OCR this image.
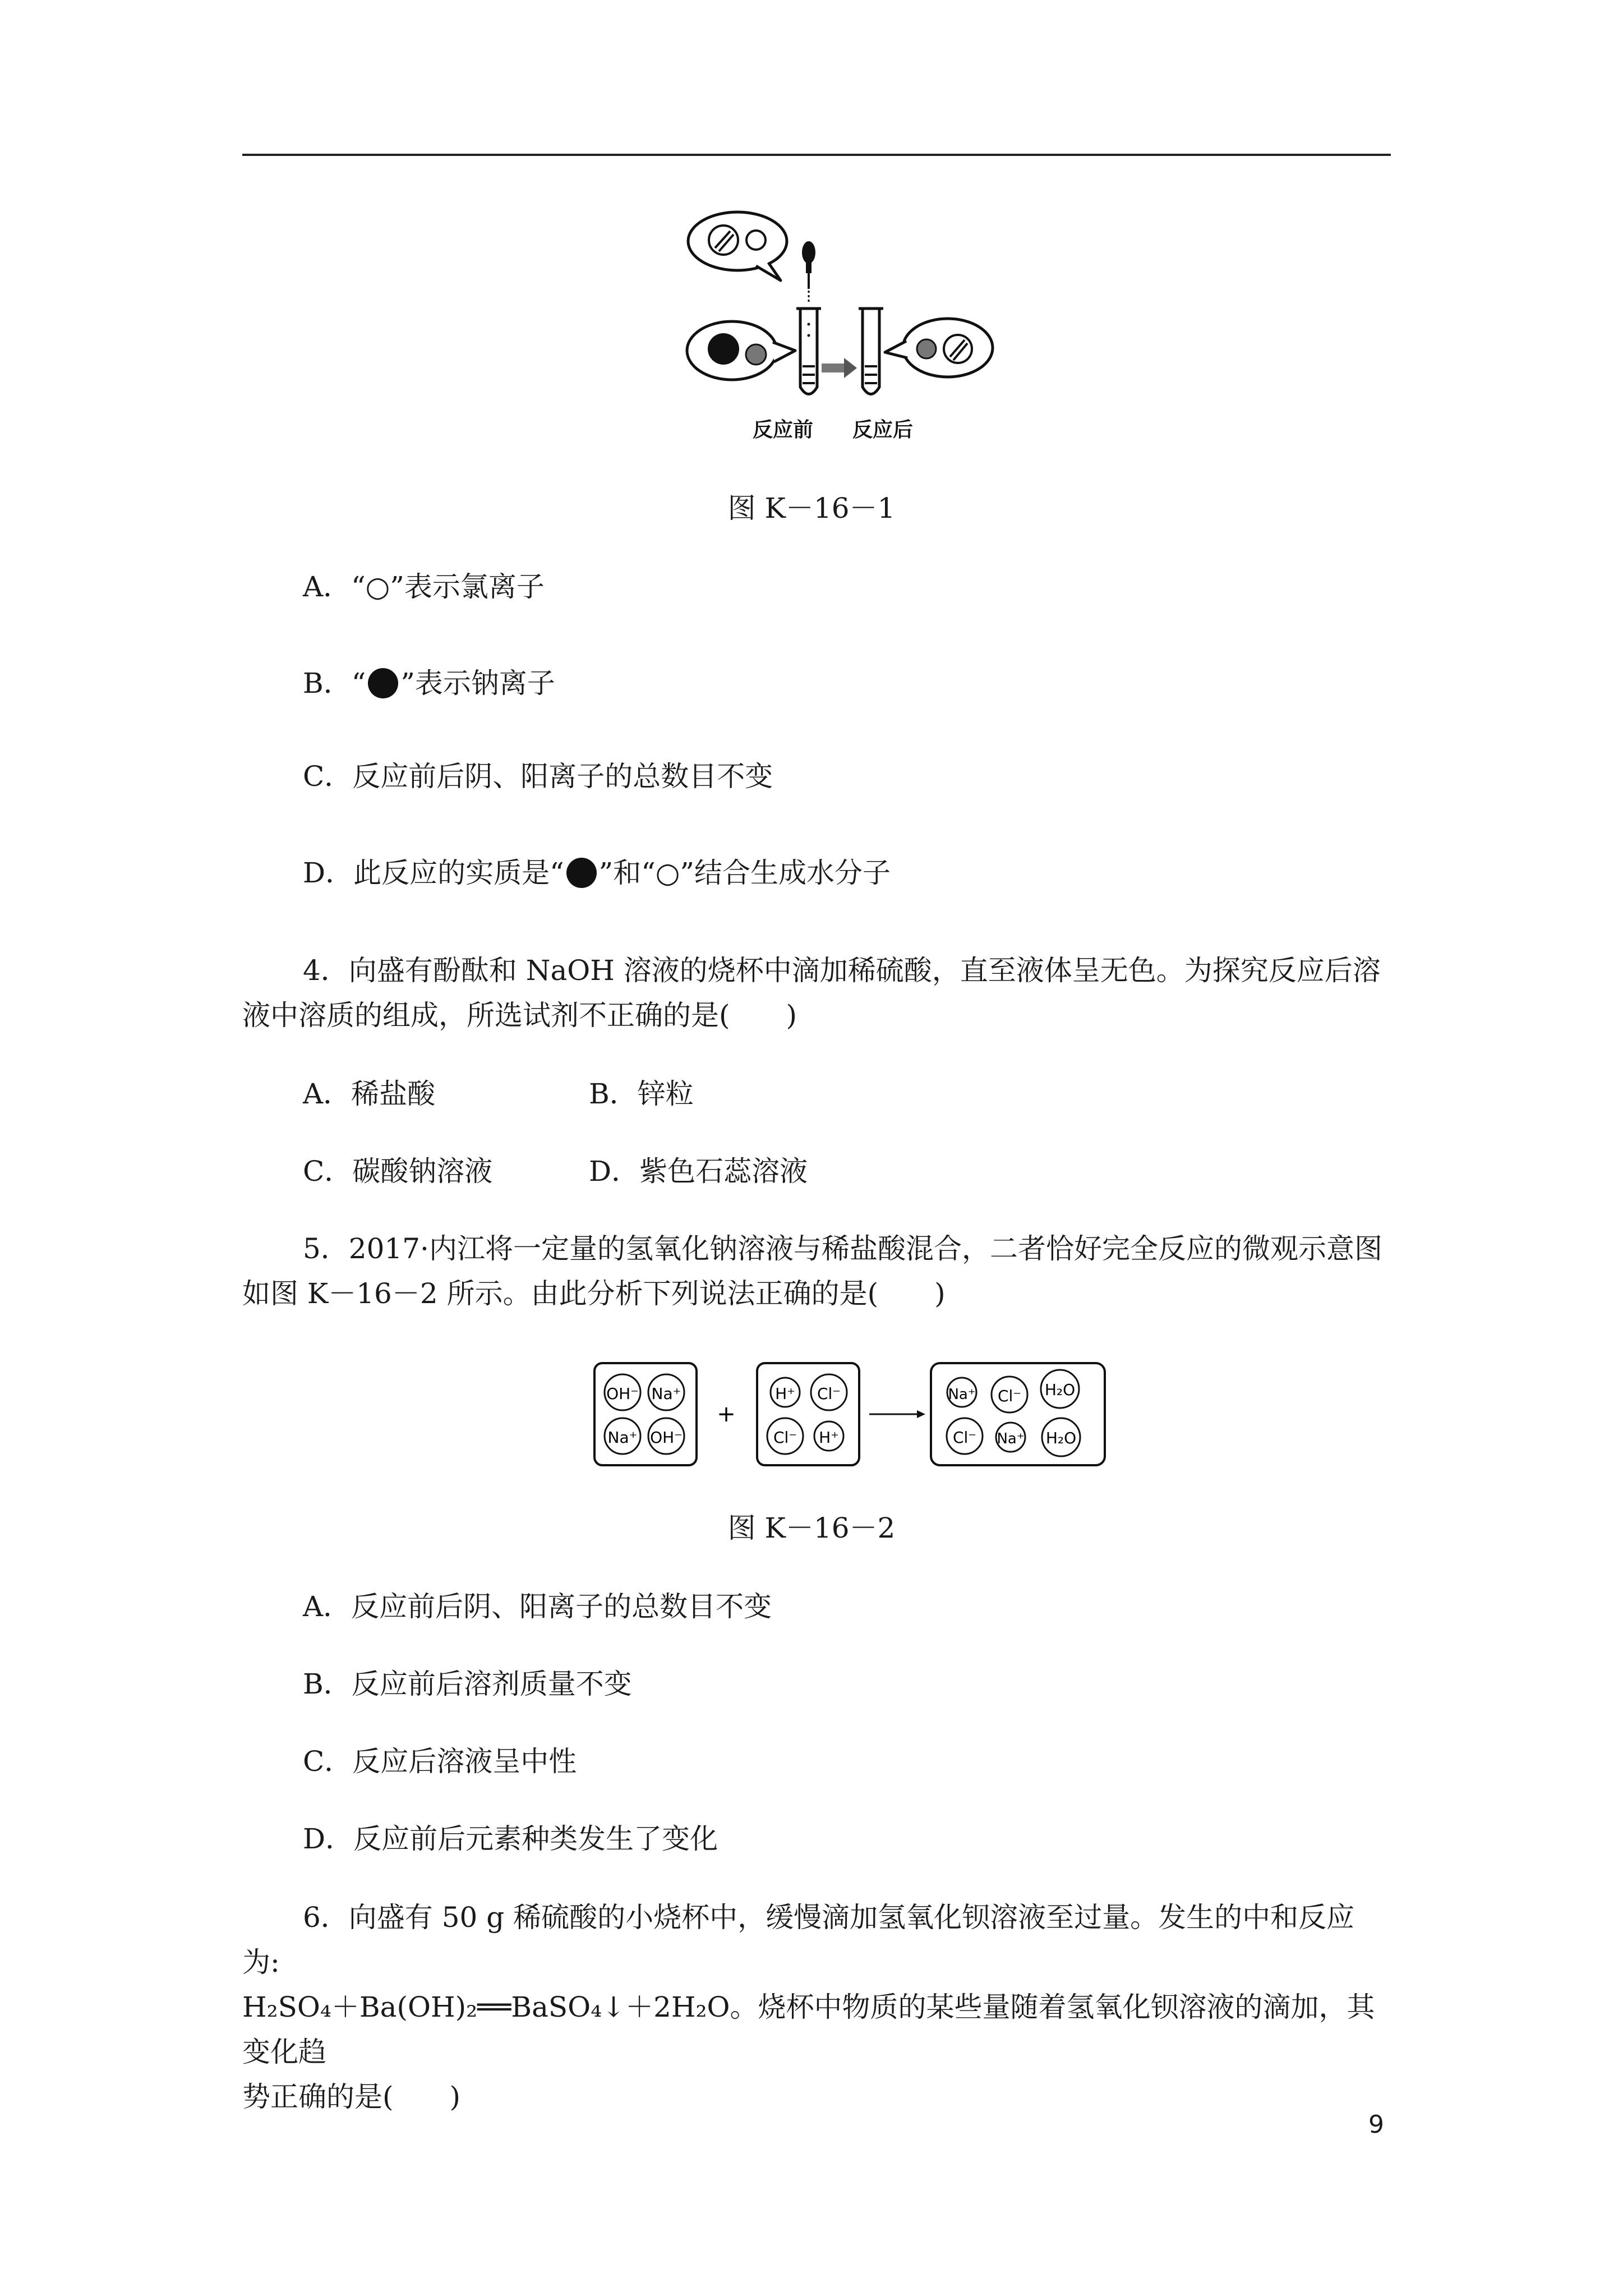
反应前 反应后
图 K－16－1
A．“○”表示氯离子
B．“ ”表示钠离子
C．反应前后阴、阳离子的总数目不变
D．此反应的实质是“ ”和“○”结合生成水分子
4．向盛有酚酞和 NaOH 溶液的烧杯中滴加稀硫酸，直至液体呈无色。为探究反应后溶液中溶质的组成，所选试剂不正确的是(　　)
A．稀盐酸	B．锌粒
C．碳酸钠溶液	D．紫色石蕊溶液
5．2017·内江将一定量的氢氧化钠溶液与稀盐酸混合，二者恰好完全反应的微观示意图如图 K－16－2 所示。由此分析下列说法正确的是(　　)
OH⁻ Na⁺
Na⁺ OH⁻
+
H⁺ Cl⁻
Cl⁻ H⁺
Na⁺ Cl⁻ H₂O
Cl⁻ Na⁺ H₂O
图 K－16－2
A．反应前后阴、阳离子的总数目不变
B．反应前后溶剂质量不变
C．反应后溶液呈中性
D．反应前后元素种类发生了变化
6．向盛有 50 g 稀硫酸的小烧杯中，缓慢滴加氢氧化钡溶液至过量。发生的中和反应为:
H₂SO₄＋Ba(OH)₂══BaSO₄↓＋2H₂O。烧杯中物质的某些量随着氢氧化钡溶液的滴加，其变化趋
势正确的是(　　)
9
